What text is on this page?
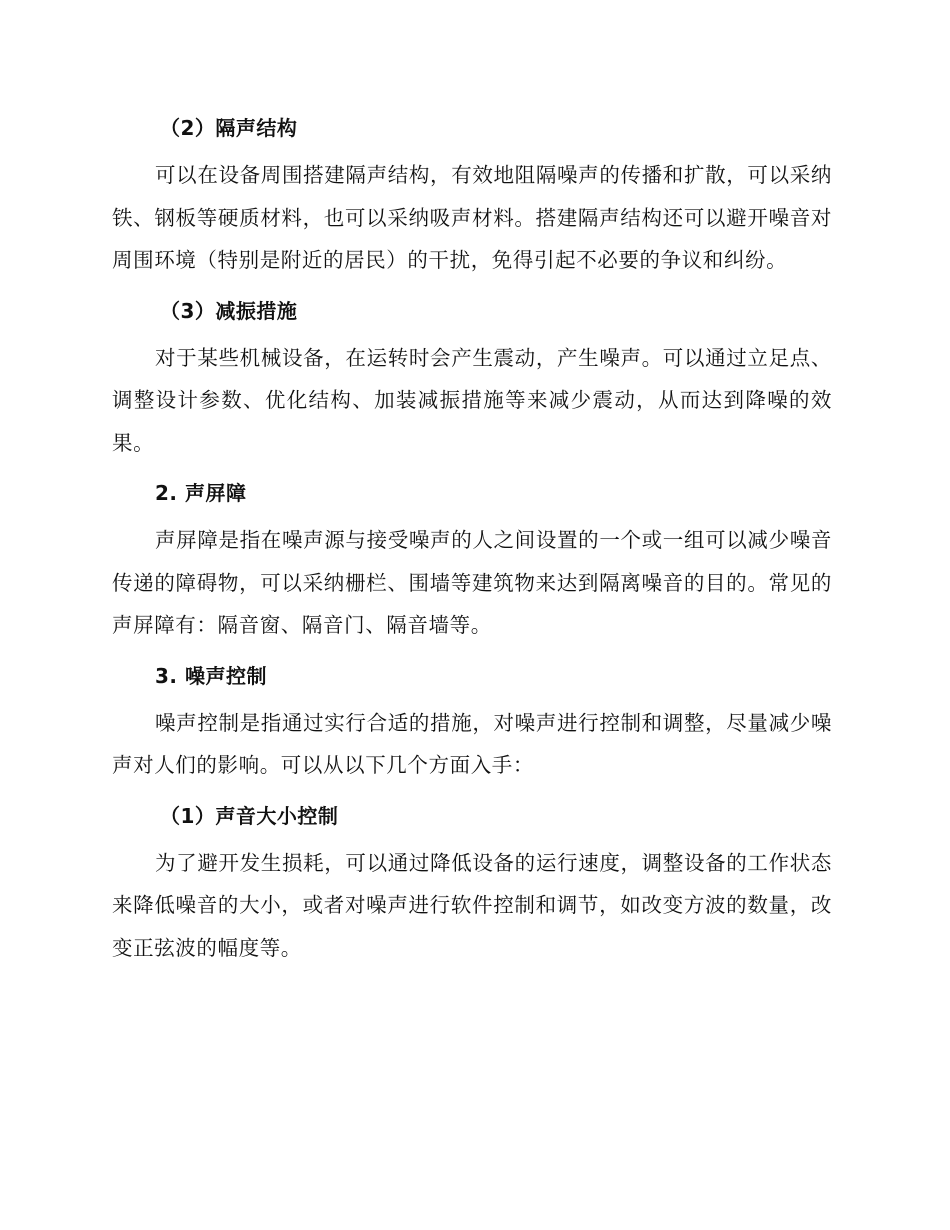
（2）隔声结构

可以在设备周围搭建隔声结构，有效地阻隔噪声的传播和扩散，可以采纳铁、钢板等硬质材料，也可以采纳吸声材料。搭建隔声结构还可以避开噪音对周围环境（特别是附近的居民）的干扰，免得引起不必要的争议和纠纷。

（3）减振措施

对于某些机械设备，在运转时会产生震动，产生噪声。可以通过立足点、调整设计参数、优化结构、加装减振措施等来减少震动，从而达到降噪的效果。

2. 声屏障

声屏障是指在噪声源与接受噪声的人之间设置的一个或一组可以减少噪音传递的障碍物，可以采纳栅栏、围墙等建筑物来达到隔离噪音的目的。常见的声屏障有：隔音窗、隔音门、隔音墙等。

3. 噪声控制

噪声控制是指通过实行合适的措施，对噪声进行控制和调整，尽量减少噪声对人们的影响。可以从以下几个方面入手：

（1）声音大小控制

为了避开发生损耗，可以通过降低设备的运行速度，调整设备的工作状态来降低噪音的大小，或者对噪声进行软件控制和调节，如改变方波的数量，改变正弦波的幅度等。
